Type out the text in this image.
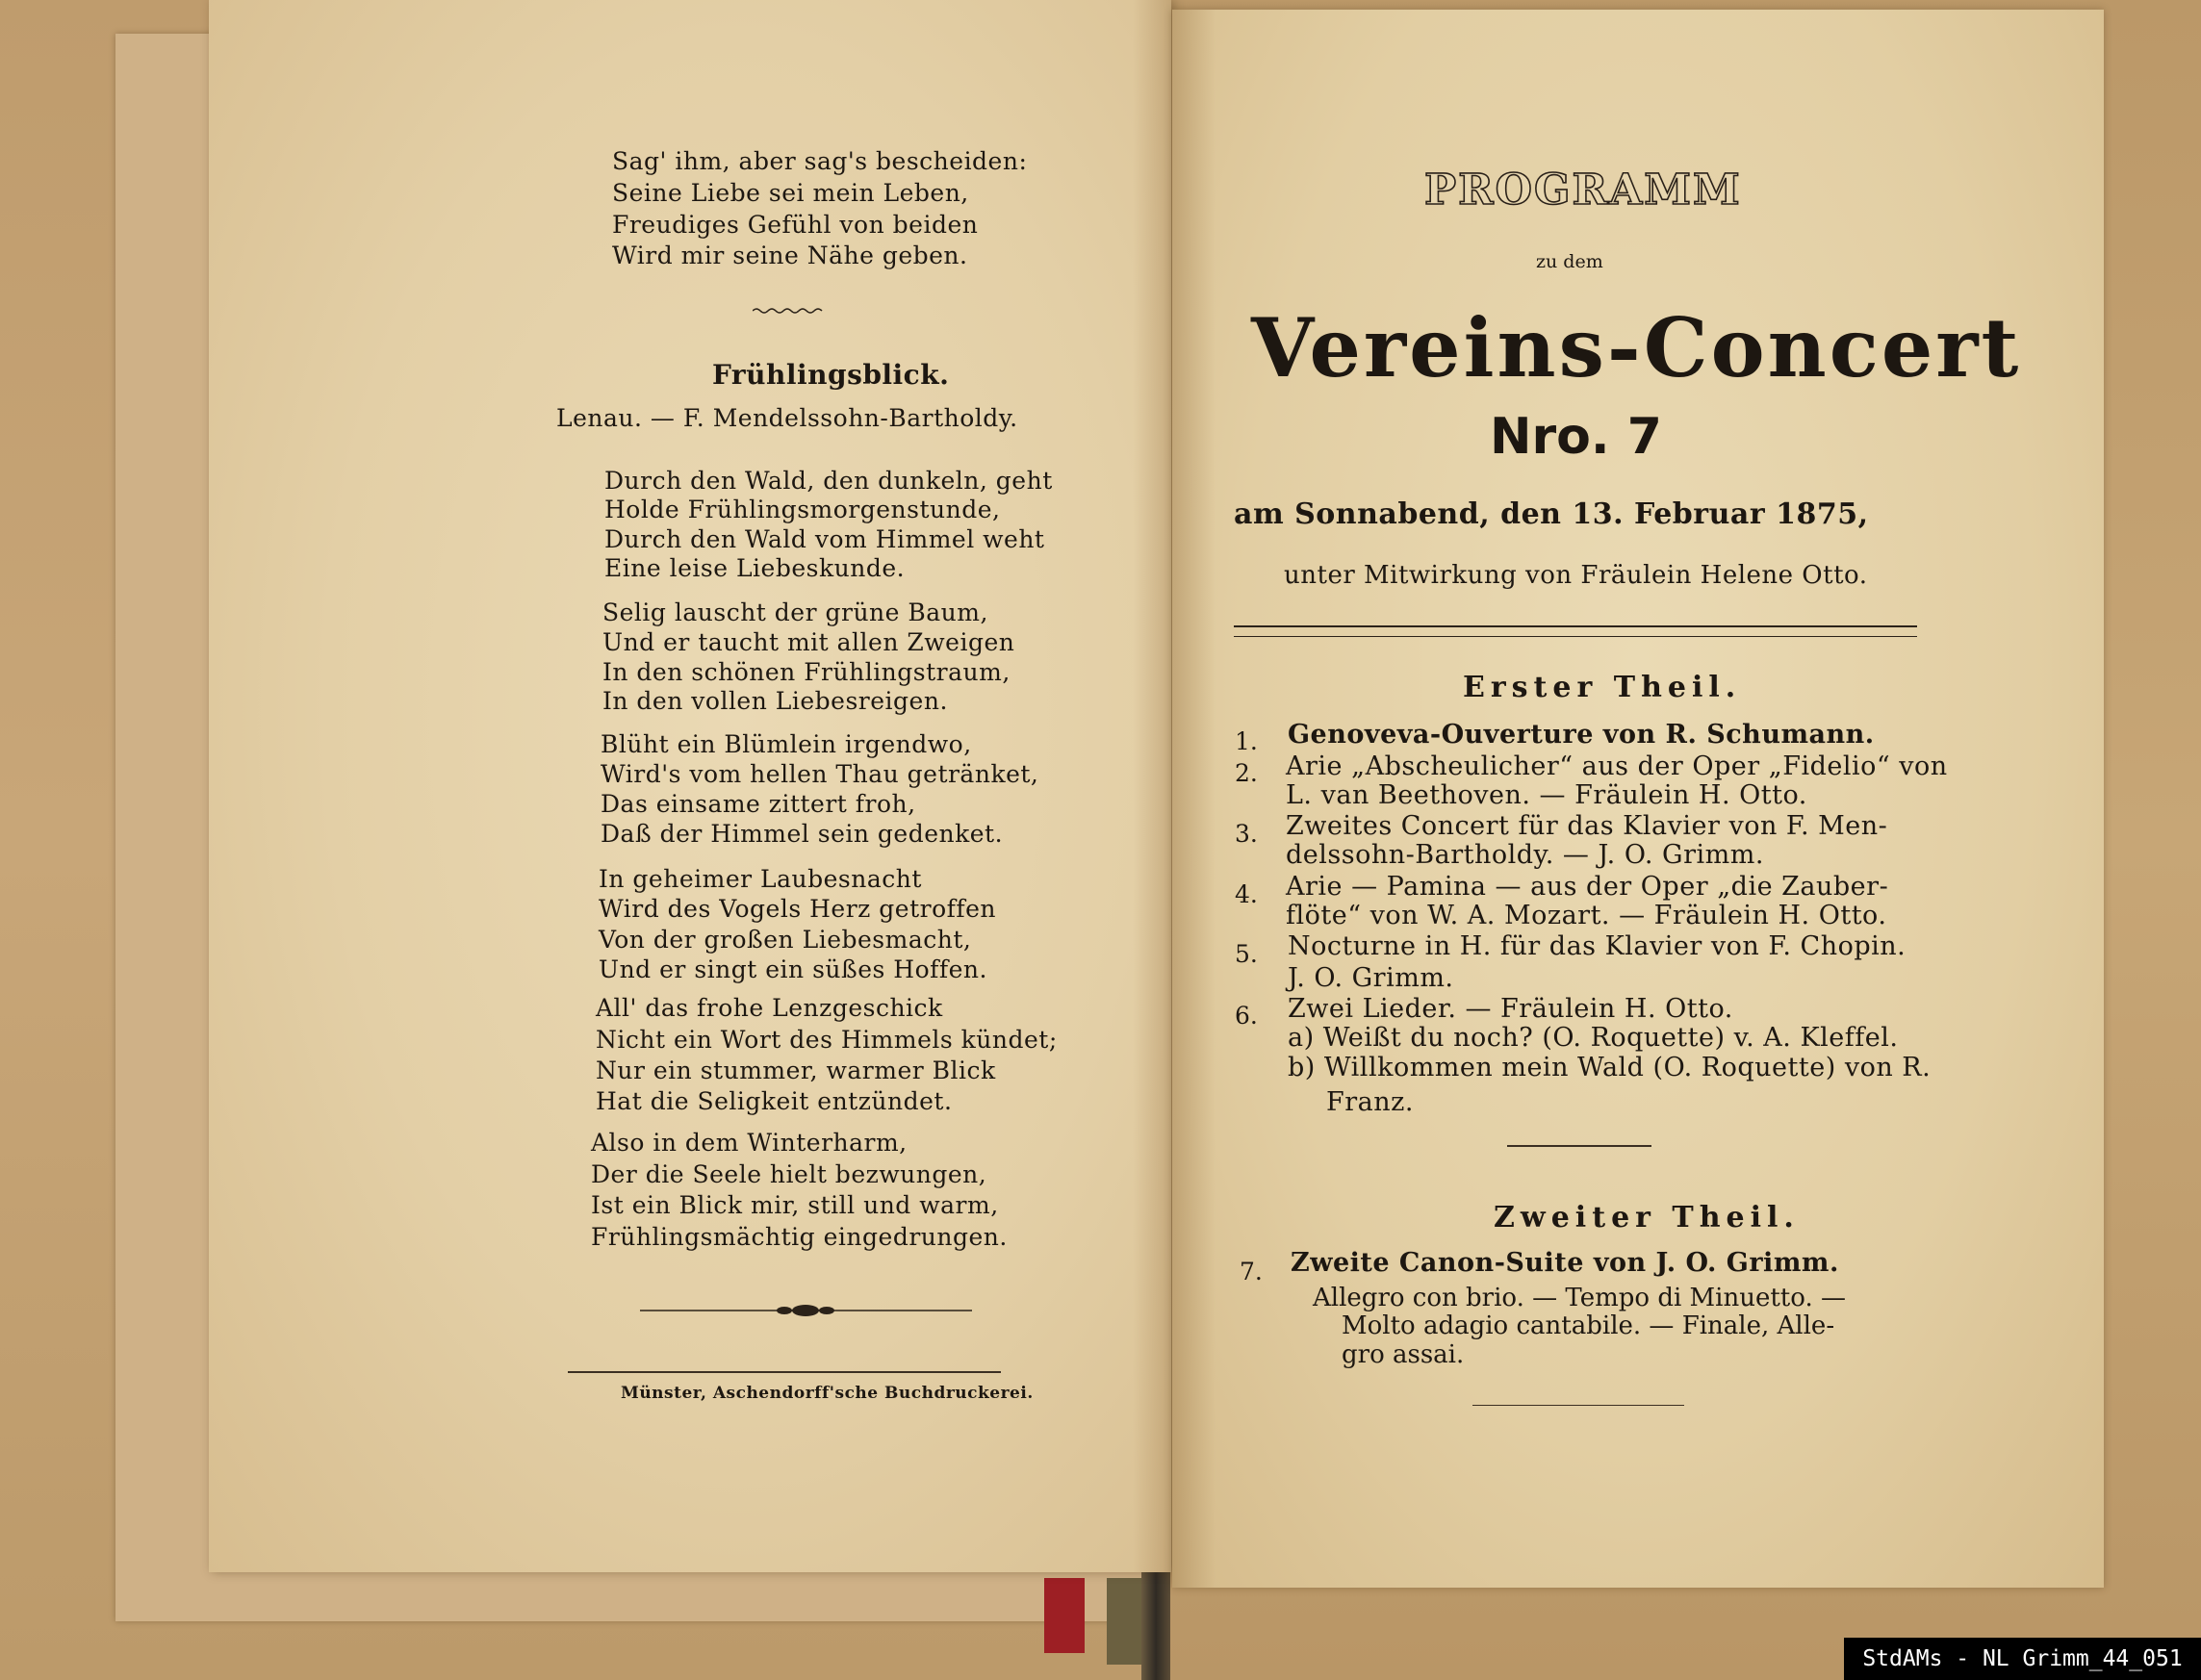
Sag' ihm, aber sag's bescheiden:
Seine Liebe sei mein Leben,
Freudiges Gefühl von beiden
Wird mir seine Nähe geben.
Frühlingsblick.
Lenau. — F. Mendelssohn-Bartholdy.
Durch den Wald, den dunkeln, geht
Holde Frühlingsmorgenstunde,
Durch den Wald vom Himmel weht
Eine leise Liebeskunde.
Selig lauscht der grüne Baum,
Und er taucht mit allen Zweigen
In den schönen Frühlingstraum,
In den vollen Liebesreigen.
Blüht ein Blümlein irgendwo,
Wird's vom hellen Thau getränket,
Das einsame zittert froh,
Daß der Himmel sein gedenket.
In geheimer Laubesnacht
Wird des Vogels Herz getroffen
Von der großen Liebesmacht,
Und er singt ein süßes Hoffen.
All' das frohe Lenzgeschick
Nicht ein Wort des Himmels kündet;
Nur ein stummer, warmer Blick
Hat die Seligkeit entzündet.
Also in dem Winterharm,
Der die Seele hielt bezwungen,
Ist ein Blick mir, still und warm,
Frühlingsmächtig eingedrungen.
Münster, Aschendorff'sche Buchdruckerei.
PROGRAMM
zu dem
Vereins-Concert
Nro. 7
am Sonnabend, den 13. Februar 1875,
unter Mitwirkung von Fräulein Helene Otto.
Erster Theil.
1. Genoveva-Ouverture von R. Schumann.
2. Arie „Abscheulicher“ aus der Oper „Fidelio“ von
L. van Beethoven. — Fräulein H. Otto.
3. Zweites Concert für das Klavier von F. Men-
delssohn-Bartholdy. — J. O. Grimm.
4. Arie — Pamina — aus der Oper „die Zauber-
flöte“ von W. A. Mozart. — Fräulein H. Otto.
5. Nocturne in H. für das Klavier von F. Chopin.
J. O. Grimm.
6. Zwei Lieder. — Fräulein H. Otto.
a) Weißt du noch? (O. Roquette) v. A. Kleffel.
b) Willkommen mein Wald (O. Roquette) von R.
Franz.
Zweiter Theil.
7. Zweite Canon-Suite von J. O. Grimm.
Allegro con brio. — Tempo di Minuetto. —
Molto adagio cantabile. — Finale, Alle-
gro assai.
StdAMs - NL Grimm_44_051
